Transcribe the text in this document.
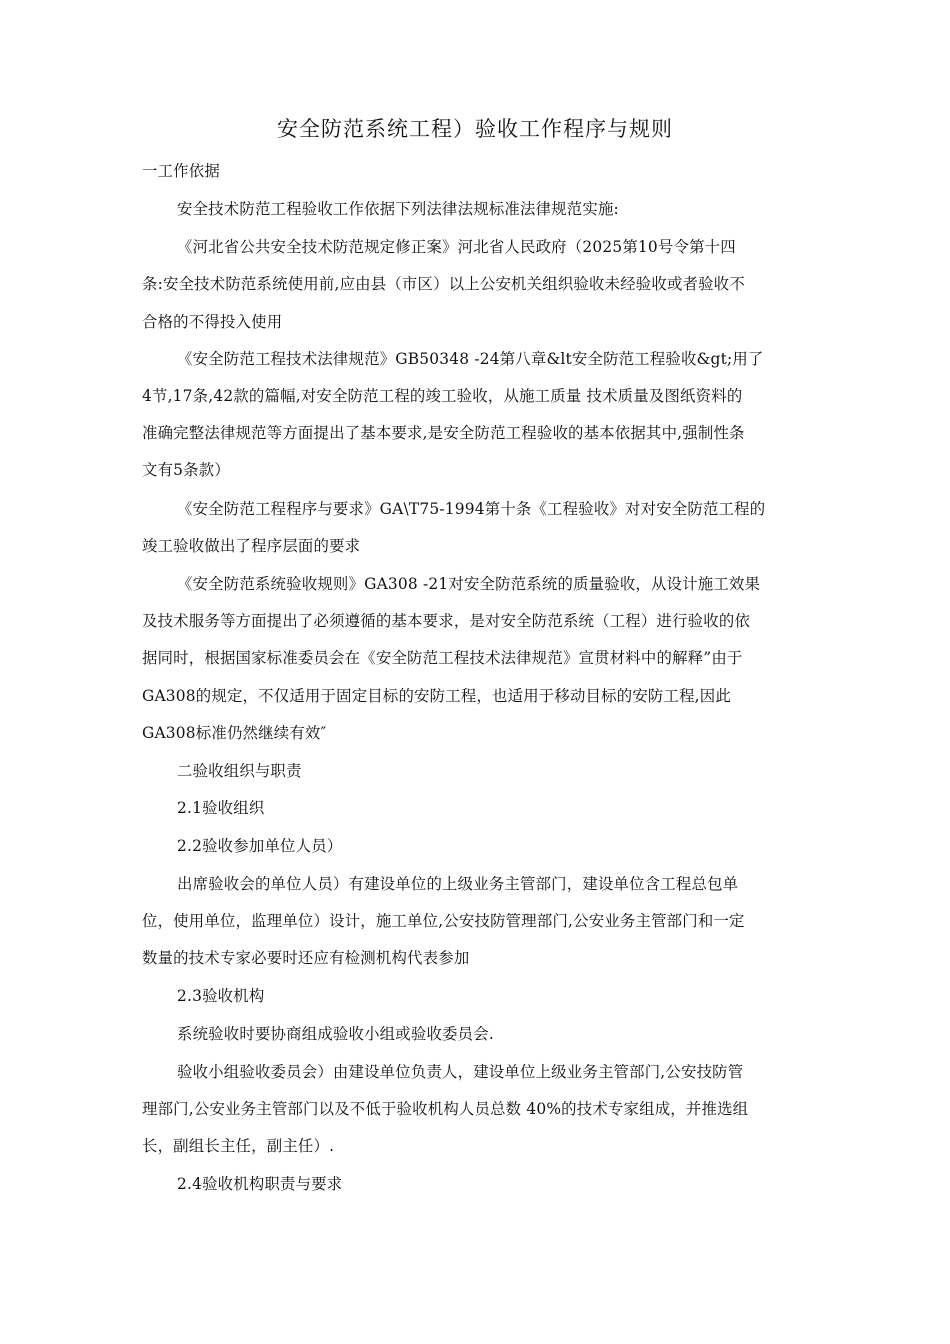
安全防范系统工程）验收工作程序与规则
一工作依据
安全技术防范工程验收工作依据下列法律法规标准法律规范实施:
《河北省公共安全技术防范规定修正案》河北省人民政府（2025第10号令第十四
条:安全技术防范系统使用前,应由县（市区）以上公安机关组织验收未经验收或者验收不
合格的不得投入使用
《安全防范工程技术法律规范》GB50348 -24第八章&lt安全防范工程验收&gt;用了
4节,17条,42款的篇幅,对安全防范工程的竣工验收，从施工质量 技术质量及图纸资料的
准确完整法律规范等方面提出了基本要求,是安全防范工程验收的基本依据其中,强制性条
文有5条款）
《安全防范工程程序与要求》GA\T75-1994第十条《工程验收》对对安全防范工程的
竣工验收做出了程序层面的要求
《安全防范系统验收规则》GA308 -21对安全防范系统的质量验收，从设计施工效果
及技术服务等方面提出了必须遵循的基本要求，是对安全防范系统（工程）进行验收的依
据同时，根据国家标准委员会在《安全防范工程技术法律规范》宣贯材料中的解释”由于
GA308的规定，不仅适用于固定目标的安防工程，也适用于移动目标的安防工程,因此
GA308标准仍然继续有效″
二验收组织与职责
2.1验收组织
2.2验收参加单位人员）
出席验收会的单位人员）有建设单位的上级业务主管部门，建设单位含工程总包单
位，使用单位，监理单位）设计，施工单位,公安技防管理部门,公安业务主管部门和一定
数量的技术专家必要时还应有检测机构代表参加
2.3验收机构
系统验收时要协商组成验收小组或验收委员会.
验收小组验收委员会）由建设单位负责人，建设单位上级业务主管部门,公安技防管
理部门,公安业务主管部门以及不低于验收机构人员总数 40%的技术专家组成，并推选组
长，副组长主任，副主任）.
2.4验收机构职责与要求
